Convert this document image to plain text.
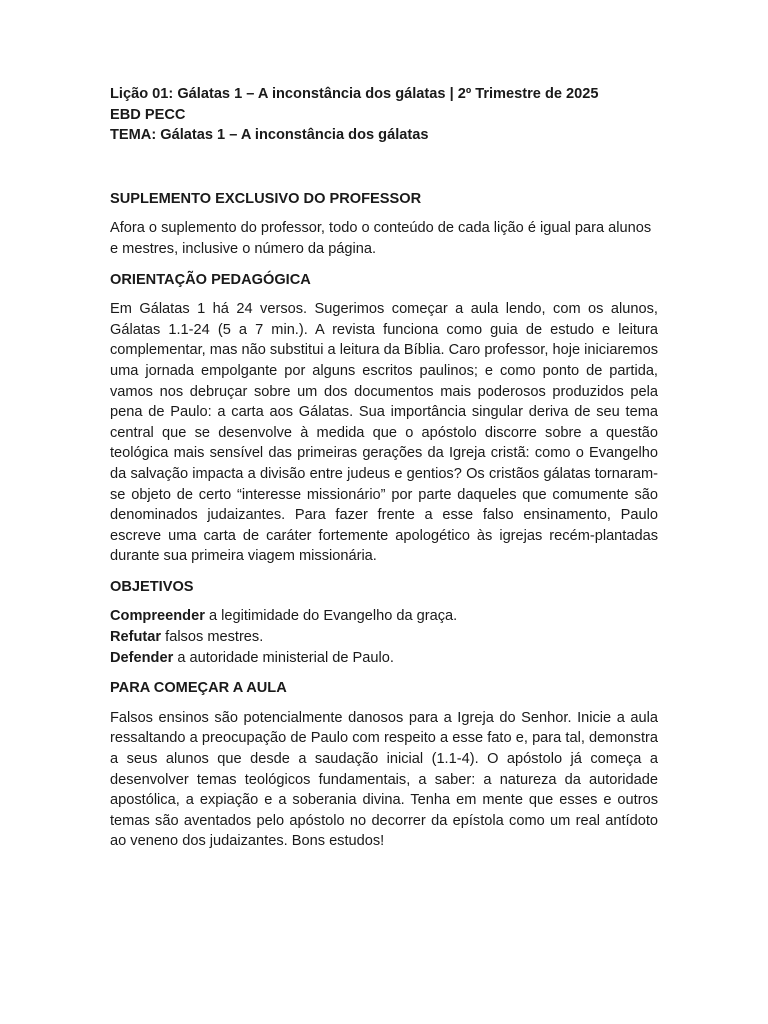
Lição 01: Gálatas 1 – A inconstância dos gálatas | 2º Trimestre de 2025
EBD PECC
TEMA: Gálatas 1 – A inconstância dos gálatas
SUPLEMENTO EXCLUSIVO DO PROFESSOR

Afora o suplemento do professor, todo o conteúdo de cada lição é igual para alunos e mestres, inclusive o número da página.

ORIENTAÇÃO PEDAGÓGICA

Em Gálatas 1 há 24 versos. Sugerimos começar a aula lendo, com os alunos, Gálatas 1.1-24 (5 a 7 min.). A revista funciona como guia de estudo e leitura complementar, mas não substitui a leitura da Bíblia. Caro professor, hoje iniciaremos uma jornada empolgante por alguns escritos paulinos; e como ponto de partida, vamos nos debruçar sobre um dos documentos mais poderosos produzidos pela pena de Paulo: a carta aos Gálatas. Sua importância singular deriva de seu tema central que se desenvolve à medida que o apóstolo discorre sobre a questão teológica mais sensível das primeiras gerações da Igreja cristã: como o Evangelho da salvação impacta a divisão entre judeus e gentios? Os cristãos gálatas tornaram-se objeto de certo “interesse missionário” por parte daqueles que comumente são denominados judaizantes. Para fazer frente a esse falso ensinamento, Paulo escreve uma carta de caráter fortemente apologético às igrejas recém-plantadas durante sua primeira viagem missionária.

OBJETIVOS
Compreender a legitimidade do Evangelho da graça.
Refutar falsos mestres.
Defender a autoridade ministerial de Paulo.
PARA COMEÇAR A AULA

Falsos ensinos são potencialmente danosos para a Igreja do Senhor. Inicie a aula ressaltando a preocupação de Paulo com respeito a esse fato e, para tal, demonstra a seus alunos que desde a saudação inicial (1.1-4). O apóstolo já começa a desenvolver temas teológicos fundamentais, a saber: a natureza da autoridade apostólica, a expiação e a soberania divina. Tenha em mente que esses e outros temas são aventados pelo apóstolo no decorrer da epístola como um real antídoto ao veneno dos judaizantes. Bons estudos!
